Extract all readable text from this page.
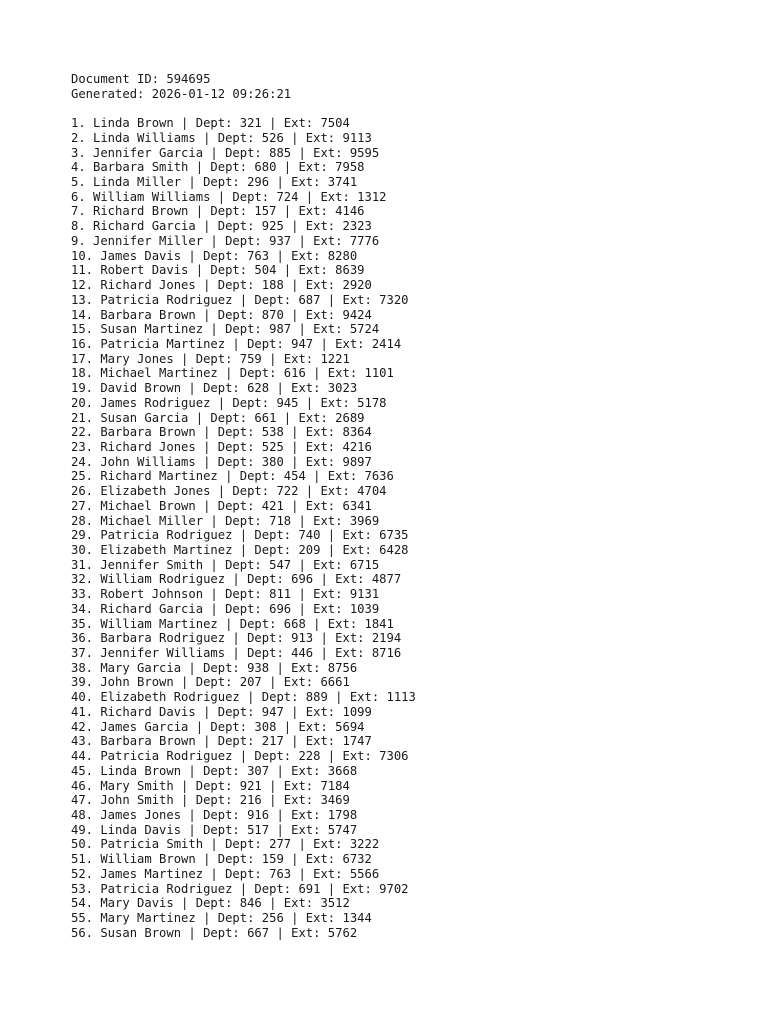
Document ID: 594695
Generated: 2026-01-12 09:26:21
1. Linda Brown | Dept: 321 | Ext: 7504
2. Linda Williams | Dept: 526 | Ext: 9113
3. Jennifer Garcia | Dept: 885 | Ext: 9595
4. Barbara Smith | Dept: 680 | Ext: 7958
5. Linda Miller | Dept: 296 | Ext: 3741
6. William Williams | Dept: 724 | Ext: 1312
7. Richard Brown | Dept: 157 | Ext: 4146
8. Richard Garcia | Dept: 925 | Ext: 2323
9. Jennifer Miller | Dept: 937 | Ext: 7776
10. James Davis | Dept: 763 | Ext: 8280
11. Robert Davis | Dept: 504 | Ext: 8639
12. Richard Jones | Dept: 188 | Ext: 2920
13. Patricia Rodriguez | Dept: 687 | Ext: 7320
14. Barbara Brown | Dept: 870 | Ext: 9424
15. Susan Martinez | Dept: 987 | Ext: 5724
16. Patricia Martinez | Dept: 947 | Ext: 2414
17. Mary Jones | Dept: 759 | Ext: 1221
18. Michael Martinez | Dept: 616 | Ext: 1101
19. David Brown | Dept: 628 | Ext: 3023
20. James Rodriguez | Dept: 945 | Ext: 5178
21. Susan Garcia | Dept: 661 | Ext: 2689
22. Barbara Brown | Dept: 538 | Ext: 8364
23. Richard Jones | Dept: 525 | Ext: 4216
24. John Williams | Dept: 380 | Ext: 9897
25. Richard Martinez | Dept: 454 | Ext: 7636
26. Elizabeth Jones | Dept: 722 | Ext: 4704
27. Michael Brown | Dept: 421 | Ext: 6341
28. Michael Miller | Dept: 718 | Ext: 3969
29. Patricia Rodriguez | Dept: 740 | Ext: 6735
30. Elizabeth Martinez | Dept: 209 | Ext: 6428
31. Jennifer Smith | Dept: 547 | Ext: 6715
32. William Rodriguez | Dept: 696 | Ext: 4877
33. Robert Johnson | Dept: 811 | Ext: 9131
34. Richard Garcia | Dept: 696 | Ext: 1039
35. William Martinez | Dept: 668 | Ext: 1841
36. Barbara Rodriguez | Dept: 913 | Ext: 2194
37. Jennifer Williams | Dept: 446 | Ext: 8716
38. Mary Garcia | Dept: 938 | Ext: 8756
39. John Brown | Dept: 207 | Ext: 6661
40. Elizabeth Rodriguez | Dept: 889 | Ext: 1113
41. Richard Davis | Dept: 947 | Ext: 1099
42. James Garcia | Dept: 308 | Ext: 5694
43. Barbara Brown | Dept: 217 | Ext: 1747
44. Patricia Rodriguez | Dept: 228 | Ext: 7306
45. Linda Brown | Dept: 307 | Ext: 3668
46. Mary Smith | Dept: 921 | Ext: 7184
47. John Smith | Dept: 216 | Ext: 3469
48. James Jones | Dept: 916 | Ext: 1798
49. Linda Davis | Dept: 517 | Ext: 5747
50. Patricia Smith | Dept: 277 | Ext: 3222
51. William Brown | Dept: 159 | Ext: 6732
52. James Martinez | Dept: 763 | Ext: 5566
53. Patricia Rodriguez | Dept: 691 | Ext: 9702
54. Mary Davis | Dept: 846 | Ext: 3512
55. Mary Martinez | Dept: 256 | Ext: 1344
56. Susan Brown | Dept: 667 | Ext: 5762
